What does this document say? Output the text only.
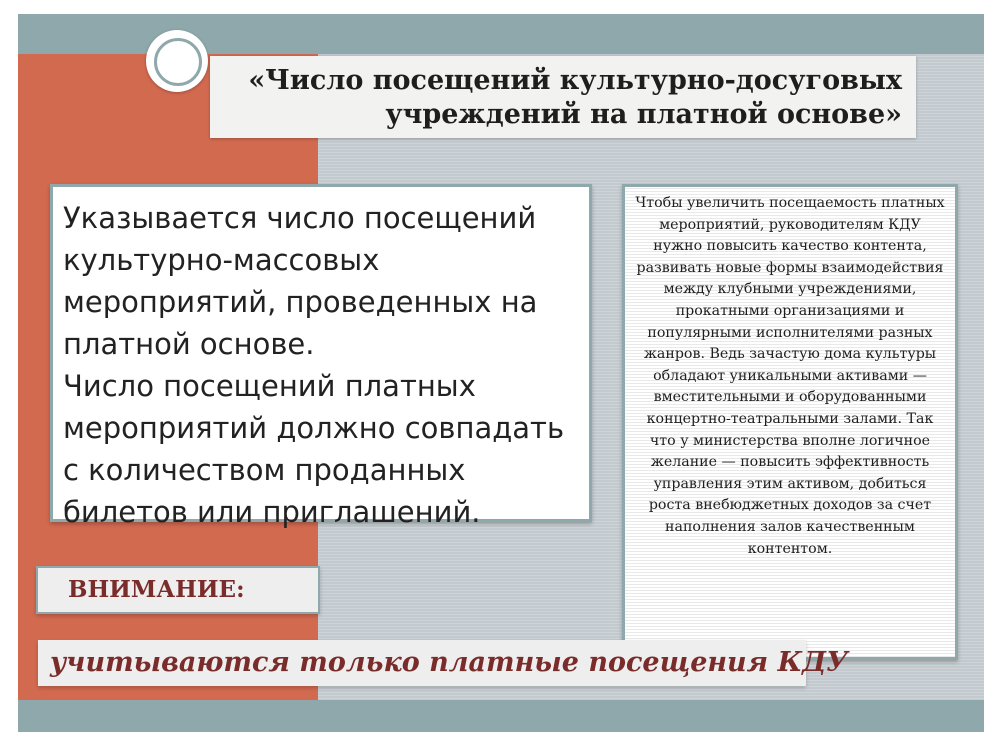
«Число посещений культурно-досуговых учреждений на платной основе»
Указывается число посещений культурно-массовых мероприятий, проведенных на платной основе.
Число посещений платных мероприятий должно совпадать с количеством проданных билетов или приглашений.
Чтобы увеличить посещаемость платных мероприятий, руководителям КДУ нужно повысить качество контента, развивать новые формы взаимодействия между клубными учреждениями, прокатными организациями и популярными исполнителями разных жанров. Ведь зачастую дома культуры обладают уникальными активами — вместительными и оборудованными концертно-театральными залами. Так что у министерства вполне логичное желание — повысить эффективность управления этим активом, добиться роста внебюджетных доходов за счет наполнения залов качественным контентом.
ВНИМАНИЕ:
учитываются только платные посещения КДУ
